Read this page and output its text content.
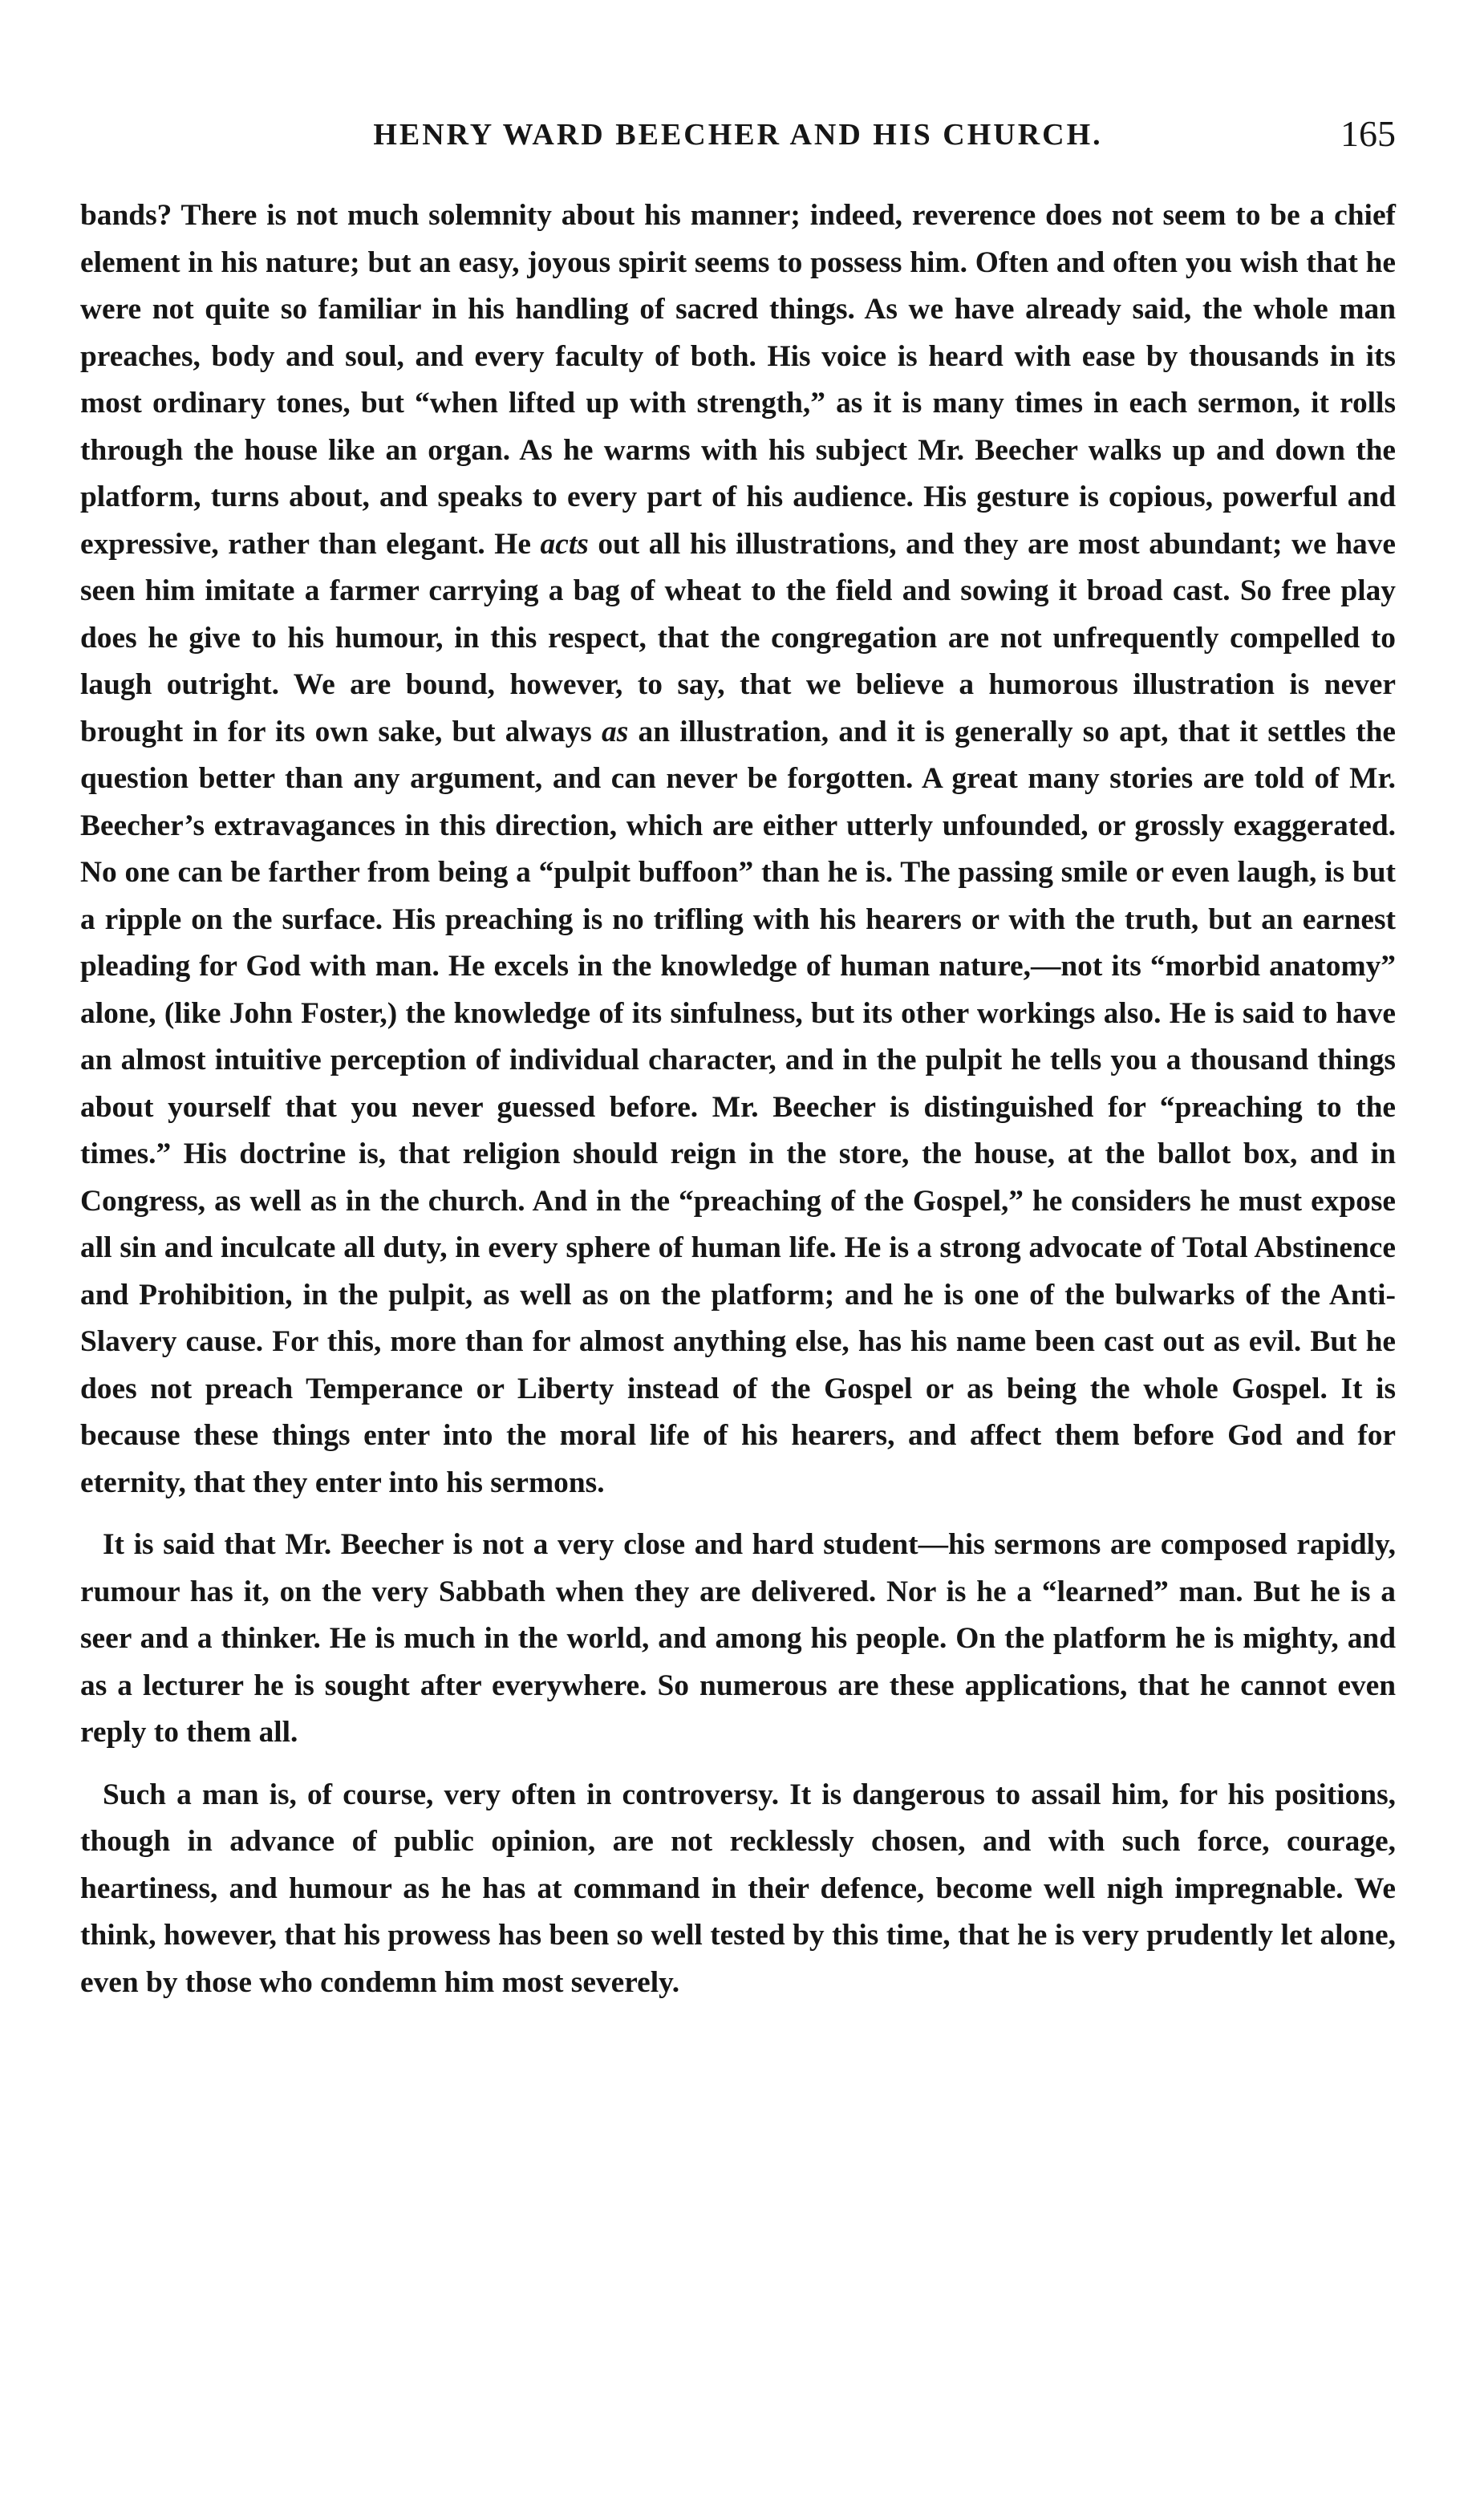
HENRY WARD BEECHER AND HIS CHURCH.	165

bands? There is not much solemnity about his manner; indeed, reverence does not seem to be a chief element in his nature; but an easy, joyous spirit seems to possess him. Often and often you wish that he were not quite so familiar in his handling of sacred things. As we have already said, the whole man preaches, body and soul, and every faculty of both. His voice is heard with ease by thousands in its most ordinary tones, but “when lifted up with strength,” as it is many times in each sermon, it rolls through the house like an organ. As he warms with his subject Mr. Beecher walks up and down the platform, turns about, and speaks to every part of his audience. His gesture is copious, powerful and expressive, rather than elegant. He acts out all his illustrations, and they are most abundant; we have seen him imitate a farmer carrying a bag of wheat to the field and sowing it broad cast. So free play does he give to his humour, in this respect, that the congregation are not unfrequently compelled to laugh outright. We are bound, however, to say, that we believe a humorous illustration is never brought in for its own sake, but always as an illustration, and it is generally so apt, that it settles the question better than any argument, and can never be forgotten. A great many stories are told of Mr. Beecher’s extravagances in this direction, which are either utterly unfounded, or grossly exaggerated. No one can be farther from being a “pulpit buffoon” than he is. The passing smile or even laugh, is but a ripple on the surface. His preaching is no trifling with his hearers or with the truth, but an earnest pleading for God with man. He excels in the knowledge of human nature,—not its “morbid anatomy” alone, (like John Foster,) the knowledge of its sinfulness, but its other workings also. He is said to have an almost intuitive perception of individual character, and in the pulpit he tells you a thousand things about yourself that you never guessed before. Mr. Beecher is distinguished for “preaching to the times.” His doctrine is, that religion should reign in the store, the house, at the ballot box, and in Congress, as well as in the church. And in the “preaching of the Gospel,” he considers he must expose all sin and inculcate all duty, in every sphere of human life. He is a strong advocate of Total Abstinence and Prohibition, in the pulpit, as well as on the platform; and he is one of the bulwarks of the Anti-Slavery cause. For this, more than for almost anything else, has his name been cast out as evil. But he does not preach Temperance or Liberty instead of the Gospel or as being the whole Gospel. It is because these things enter into the moral life of his hearers, and affect them before God and for eternity, that they enter into his sermons.

It is said that Mr. Beecher is not a very close and hard student—his sermons are composed rapidly, rumour has it, on the very Sabbath when they are delivered. Nor is he a “learned” man. But he is a seer and a thinker. He is much in the world, and among his people. On the platform he is mighty, and as a lecturer he is sought after everywhere. So numerous are these applications, that he cannot even reply to them all.

Such a man is, of course, very often in controversy. It is dangerous to assail him, for his positions, though in advance of public opinion, are not recklessly chosen, and with such force, courage, heartiness, and humour as he has at command in their defence, become well nigh impregnable. We think, however, that his prowess has been so well tested by this time, that he is very prudently let alone, even by those who condemn him most severely.
